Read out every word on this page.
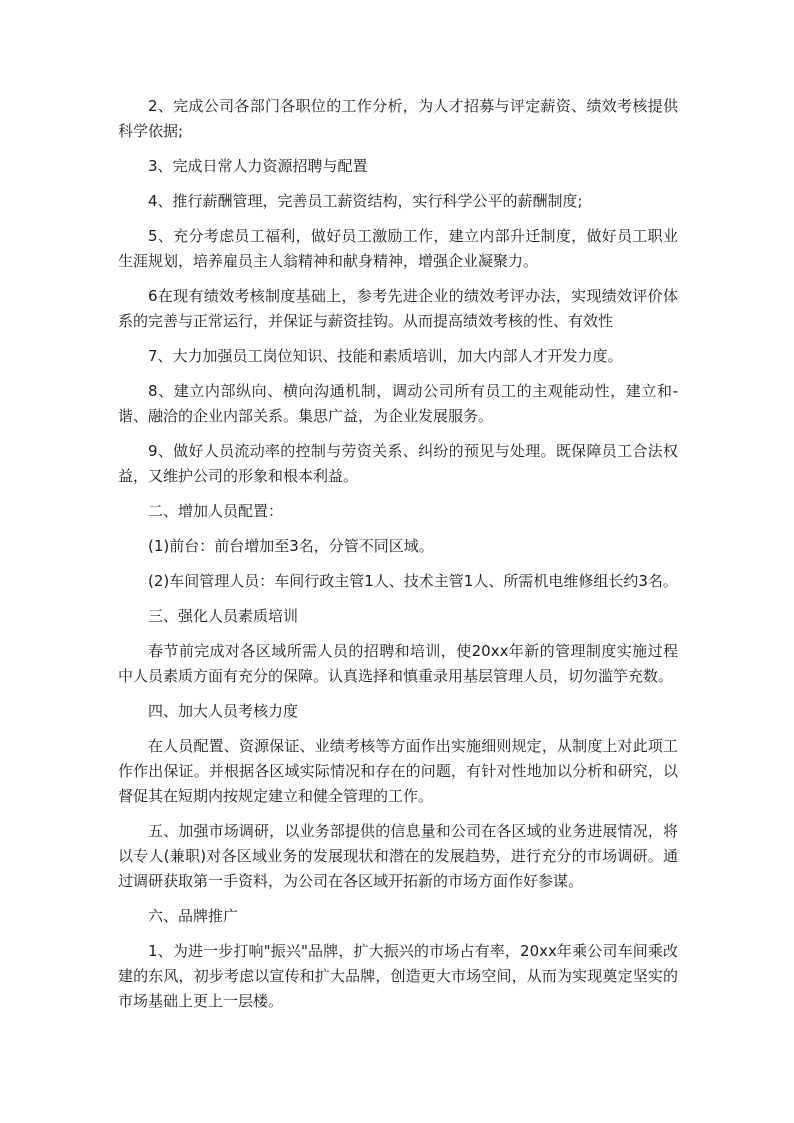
2、完成公司各部门各职位的工作分析，为人才招募与评定薪资、绩效考核提供科学依据;

3、完成日常人力资源招聘与配置

4、推行薪酬管理，完善员工薪资结构，实行科学公平的薪酬制度;

5、充分考虑员工福利，做好员工激励工作，建立内部升迁制度，做好员工职业生涯规划，培养雇员主人翁精神和献身精神，增强企业凝聚力。

6在现有绩效考核制度基础上，参考先进企业的绩效考评办法，实现绩效评价体系的完善与正常运行，并保证与薪资挂钩。从而提高绩效考核的性、有效性

7、大力加强员工岗位知识、技能和素质培训，加大内部人才开发力度。

8、建立内部纵向、横向沟通机制，调动公司所有员工的主观能动性，建立和-谐、融洽的企业内部关系。集思广益，为企业发展服务。

9、做好人员流动率的控制与劳资关系、纠纷的预见与处理。既保障员工合法权益，又维护公司的形象和根本利益。

二、增加人员配置：

(1)前台：前台增加至3名，分管不同区域。

(2)车间管理人员：车间行政主管1人、技术主管1人、所需机电维修组长约3名。

三、强化人员素质培训

春节前完成对各区域所需人员的招聘和培训，使20xx年新的管理制度实施过程中人员素质方面有充分的保障。认真选择和慎重录用基层管理人员，切勿滥竽充数。

四、加大人员考核力度

在人员配置、资源保证、业绩考核等方面作出实施细则规定，从制度上对此项工作作出保证。并根据各区域实际情况和存在的问题，有针对性地加以分析和研究，以督促其在短期内按规定建立和健全管理的工作。

五、加强市场调研，以业务部提供的信息量和公司在各区域的业务进展情况，将以专人(兼职)对各区域业务的发展现状和潜在的发展趋势，进行充分的市场调研。通过调研获取第一手资料，为公司在各区域开拓新的市场方面作好参谋。

六、品牌推广

1、为进一步打响"振兴"品牌，扩大振兴的市场占有率，20xx年乘公司车间乘改建的东风，初步考虑以宣传和扩大品牌，创造更大市场空间，从而为实现奠定坚实的市场基础上更上一层楼。
